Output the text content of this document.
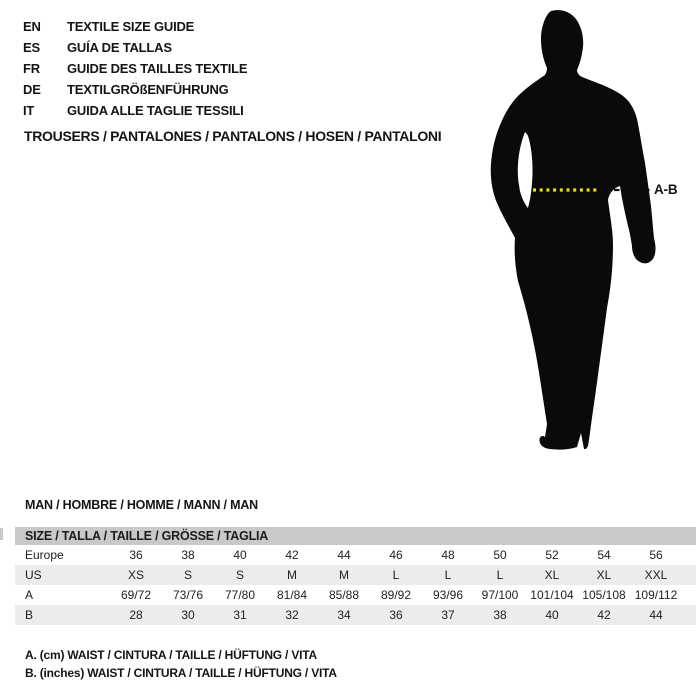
EN	TEXTILE SIZE GUIDE
ES	GUÍA DE TALLAS
FR	GUIDE DES TAILLES TEXTILE
DE	TEXTILGRÖßENFÜHRUNG
IT	GUIDA ALLE TAGLIE TESSILI
TROUSERS / PANTALONES / PANTALONS / HOSEN / PANTALONI
A-B
MAN / HOMBRE / HOMME / MANN / MAN
SIZE / TALLA / TAILLE / GRÖSSE / TAGLIA												
Europe	36	38	40	42	44	46	48	50	52	54	56	
US	XS	S	S	M	M	L	L	L	XL	XL	XXL	
A	69/72	73/76	77/80	81/84	85/88	89/92	93/96	97/100	101/104	105/108	109/112	
B	28	30	31	32	34	36	37	38	40	42	44	
A. (cm) WAIST / CINTURA / TAILLE / HÜFTUNG / VITA
B. (inches) WAIST / CINTURA / TAILLE / HÜFTUNG / VITA
